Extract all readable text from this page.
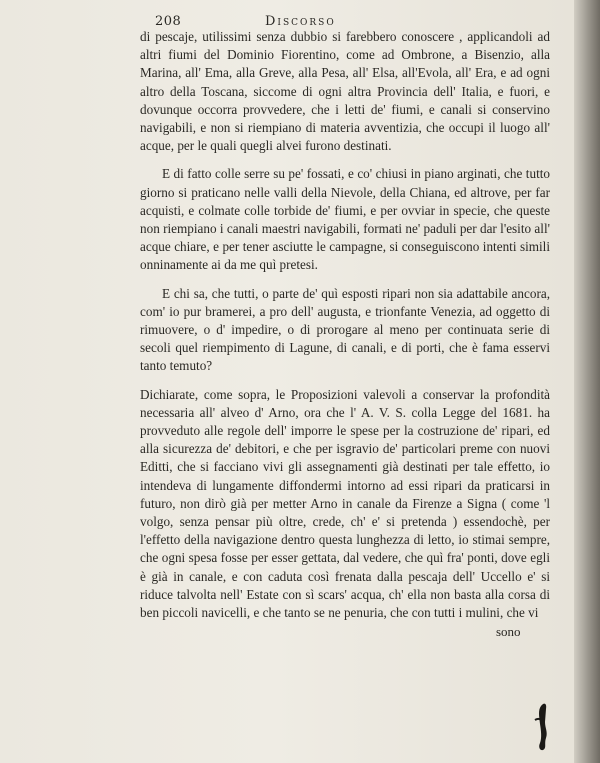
208	Discorso

di pescaje, utilissimi senza dubbio si farebbero conoscere , applicandoli ad altri fiumi del Dominio Fiorentino, come ad Ombrone, a Bisenzio, alla Marina, all' Ema, alla Greve, alla Pesa, all' Elsa, all'Evola, all' Era, e ad ogni altro della Toscana, siccome di ogni altra Provincia dell' Italia, e fuori, e dovunque occorra provvedere, che i letti de' fiumi, e canali si conservino navigabili, e non si riempiano di materia avventizia, che occupi il luogo all' acque, per le quali quegli alvei furono destinati.

E di fatto colle serre su pe' fossati, e co' chiusi in piano arginati, che tutto giorno si praticano nelle valli della Nievole, della Chiana, ed altrove, per far acquisti, e colmate colle torbide de' fiumi, e per ovviar in specie, che queste non riempiano i canali maestri navigabili, formati ne' paduli per dar l'esito all' acque chiare, e per tener asciutte le campagne, si conseguiscono intenti simili onninamente ai da me quì pretesi.

E chi sa, che tutti, o parte de' quì esposti ripari non sia adattabile ancora, com' io pur bramerei, a pro dell' augusta, e trionfante Venezia, ad oggetto di rimuovere, o d' impedire, o di prorogare al meno per continuata serie di secoli quel riempimento di Lagune, di canali, e di porti, che è fama esservi tanto temuto?

Dichiarate, come sopra, le Proposizioni valevoli a conservar la profondità necessaria all' alveo d' Arno, ora che l' A. V. S. colla Legge del 1681. ha provveduto alle regole dell' imporre le spese per la costruzione de' ripari, ed alla sicurezza de' debitori, e che per isgravio de' particolari preme con nuovi Editti, che si facciano vivi gli assegnamenti già destinati per tale effetto, io intendeva di lungamente diffondermi intorno ad essi ripari da praticarsi in futuro, non dirò già per metter Arno in canale da Firenze a Signa ( come 'l volgo, senza pensar più oltre, crede, ch' e' si pretenda ) essendochè, per l'effetto della navigazione dentro questa lunghezza di letto, io stimai sempre, che ogni spesa fosse per esser gettata, dal vedere, che quì fra' ponti, dove egli è già in canale, e con caduta così frenata dalla pescaja dell' Uccello e' si riduce talvolta nell' Estate con sì scars' acqua, ch' ella non basta alla corsa di ben piccoli navicelli, e che tanto se ne penuria, che con tutti i mulini, che vi

sono
